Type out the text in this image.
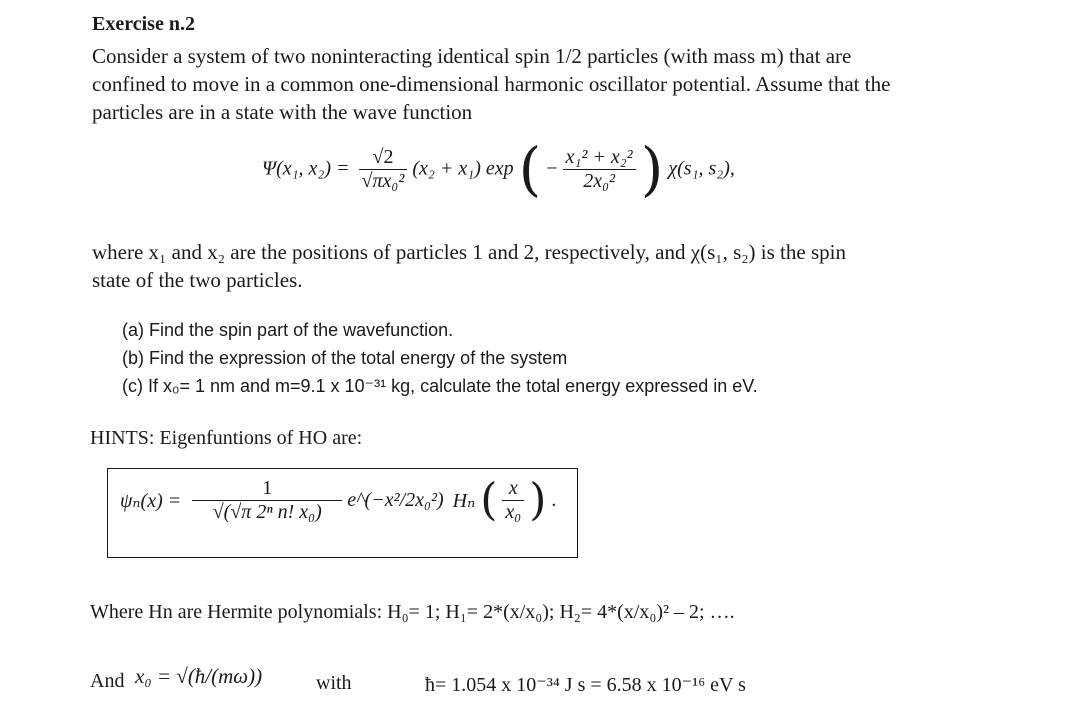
Exercise n.2
Consider a system of two noninteracting identical spin 1/2 particles (with mass m) that are
confined to move in a common one-dimensional harmonic oscillator potential. Assume that the
particles are in a state with the wave function
Ψ(x₁, $x_2) = \frac{√2}{\text{√πx₀²}} (x_2 + x_1)$ exp ( − $\frac{\text{x₁² + x₂²}}{\text{2x₀²}}$ ) χ(s₁, s₂),
where x₁ and x₂ are the positions of particles 1 and 2, respectively, and χ(s₁, s₂) is the spin
state of the two particles.
(a) Find the spin part of the wavefunction.
(b) Find the expression of the total energy of the system
(c) If x₀= 1 nm and m=9.1 x 10⁻³¹ kg, calculate the total energy expressed in eV.
HINTS: Eigenfuntions of HO are:
$\psi_n(x) = \frac{1}{\text{√(√π 2ⁿ n! x₀)}}$ e^(−x²/2x₀²) Hₙ ( $\frac{x}{\text{x₀}}$ ) .
Where Hn are Hermite polynomials: H₀= 1; H₁= 2*(x/x₀); H₂= 4*(x/x₀)² – 2; ….
And x₀ = √(ħ/(mω))	with	ħ= 1.054 x 10⁻³⁴ J s = 6.58 x 10⁻¹⁶ eV s
